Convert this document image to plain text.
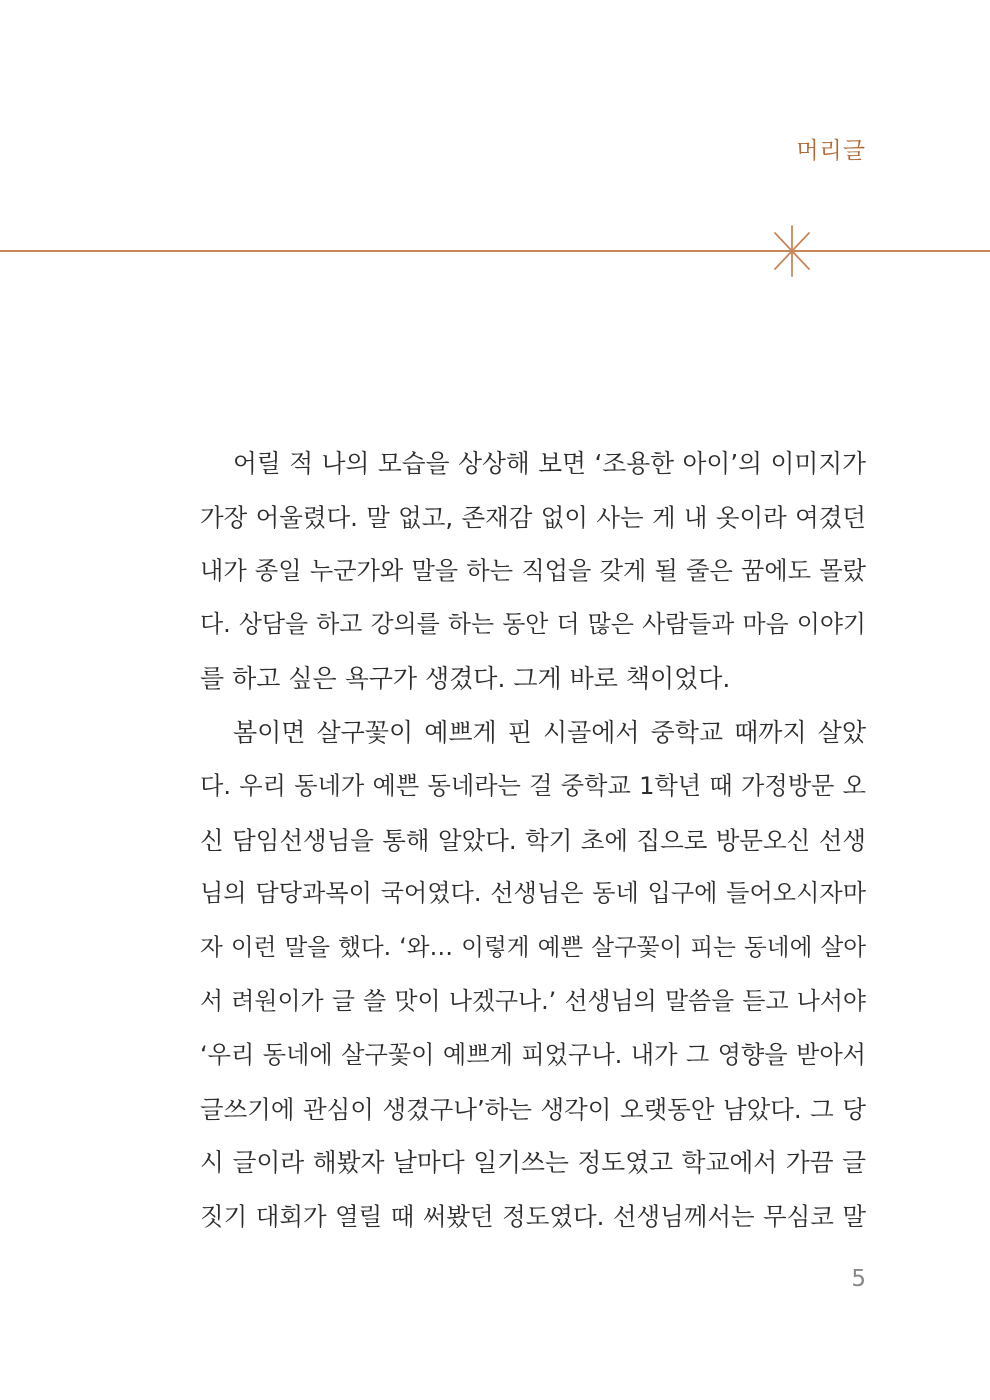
머리글
어릴 적 나의 모습을 상상해 보면 ‘조용한 아이’의 이미지가
가장 어울렸다. 말 없고, 존재감 없이 사는 게 내 옷이라 여겼던
내가 종일 누군가와 말을 하는 직업을 갖게 될 줄은 꿈에도 몰랐
다. 상담을 하고 강의를 하는 동안 더 많은 사람들과 마음 이야기
를 하고 싶은 욕구가 생겼다. 그게 바로 책이었다.
봄이면 살구꽃이 예쁘게 핀 시골에서 중학교 때까지 살았
다. 우리 동네가 예쁜 동네라는 걸 중학교 1학년 때 가정방문 오
신 담임선생님을 통해 알았다. 학기 초에 집으로 방문오신 선생
님의 담당과목이 국어였다. 선생님은 동네 입구에 들어오시자마
자 이런 말을 했다. ‘와… 이렇게 예쁜 살구꽃이 피는 동네에 살아
서 려원이가 글 쓸 맛이 나겠구나.’ 선생님의 말씀을 듣고 나서야
‘우리 동네에 살구꽃이 예쁘게 피었구나. 내가 그 영향을 받아서
글쓰기에 관심이 생겼구나’하는 생각이 오랫동안 남았다. 그 당
시 글이라 해봤자 날마다 일기쓰는 정도였고 학교에서 가끔 글
짓기 대회가 열릴 때 써봤던 정도였다. 선생님께서는 무심코 말
5
